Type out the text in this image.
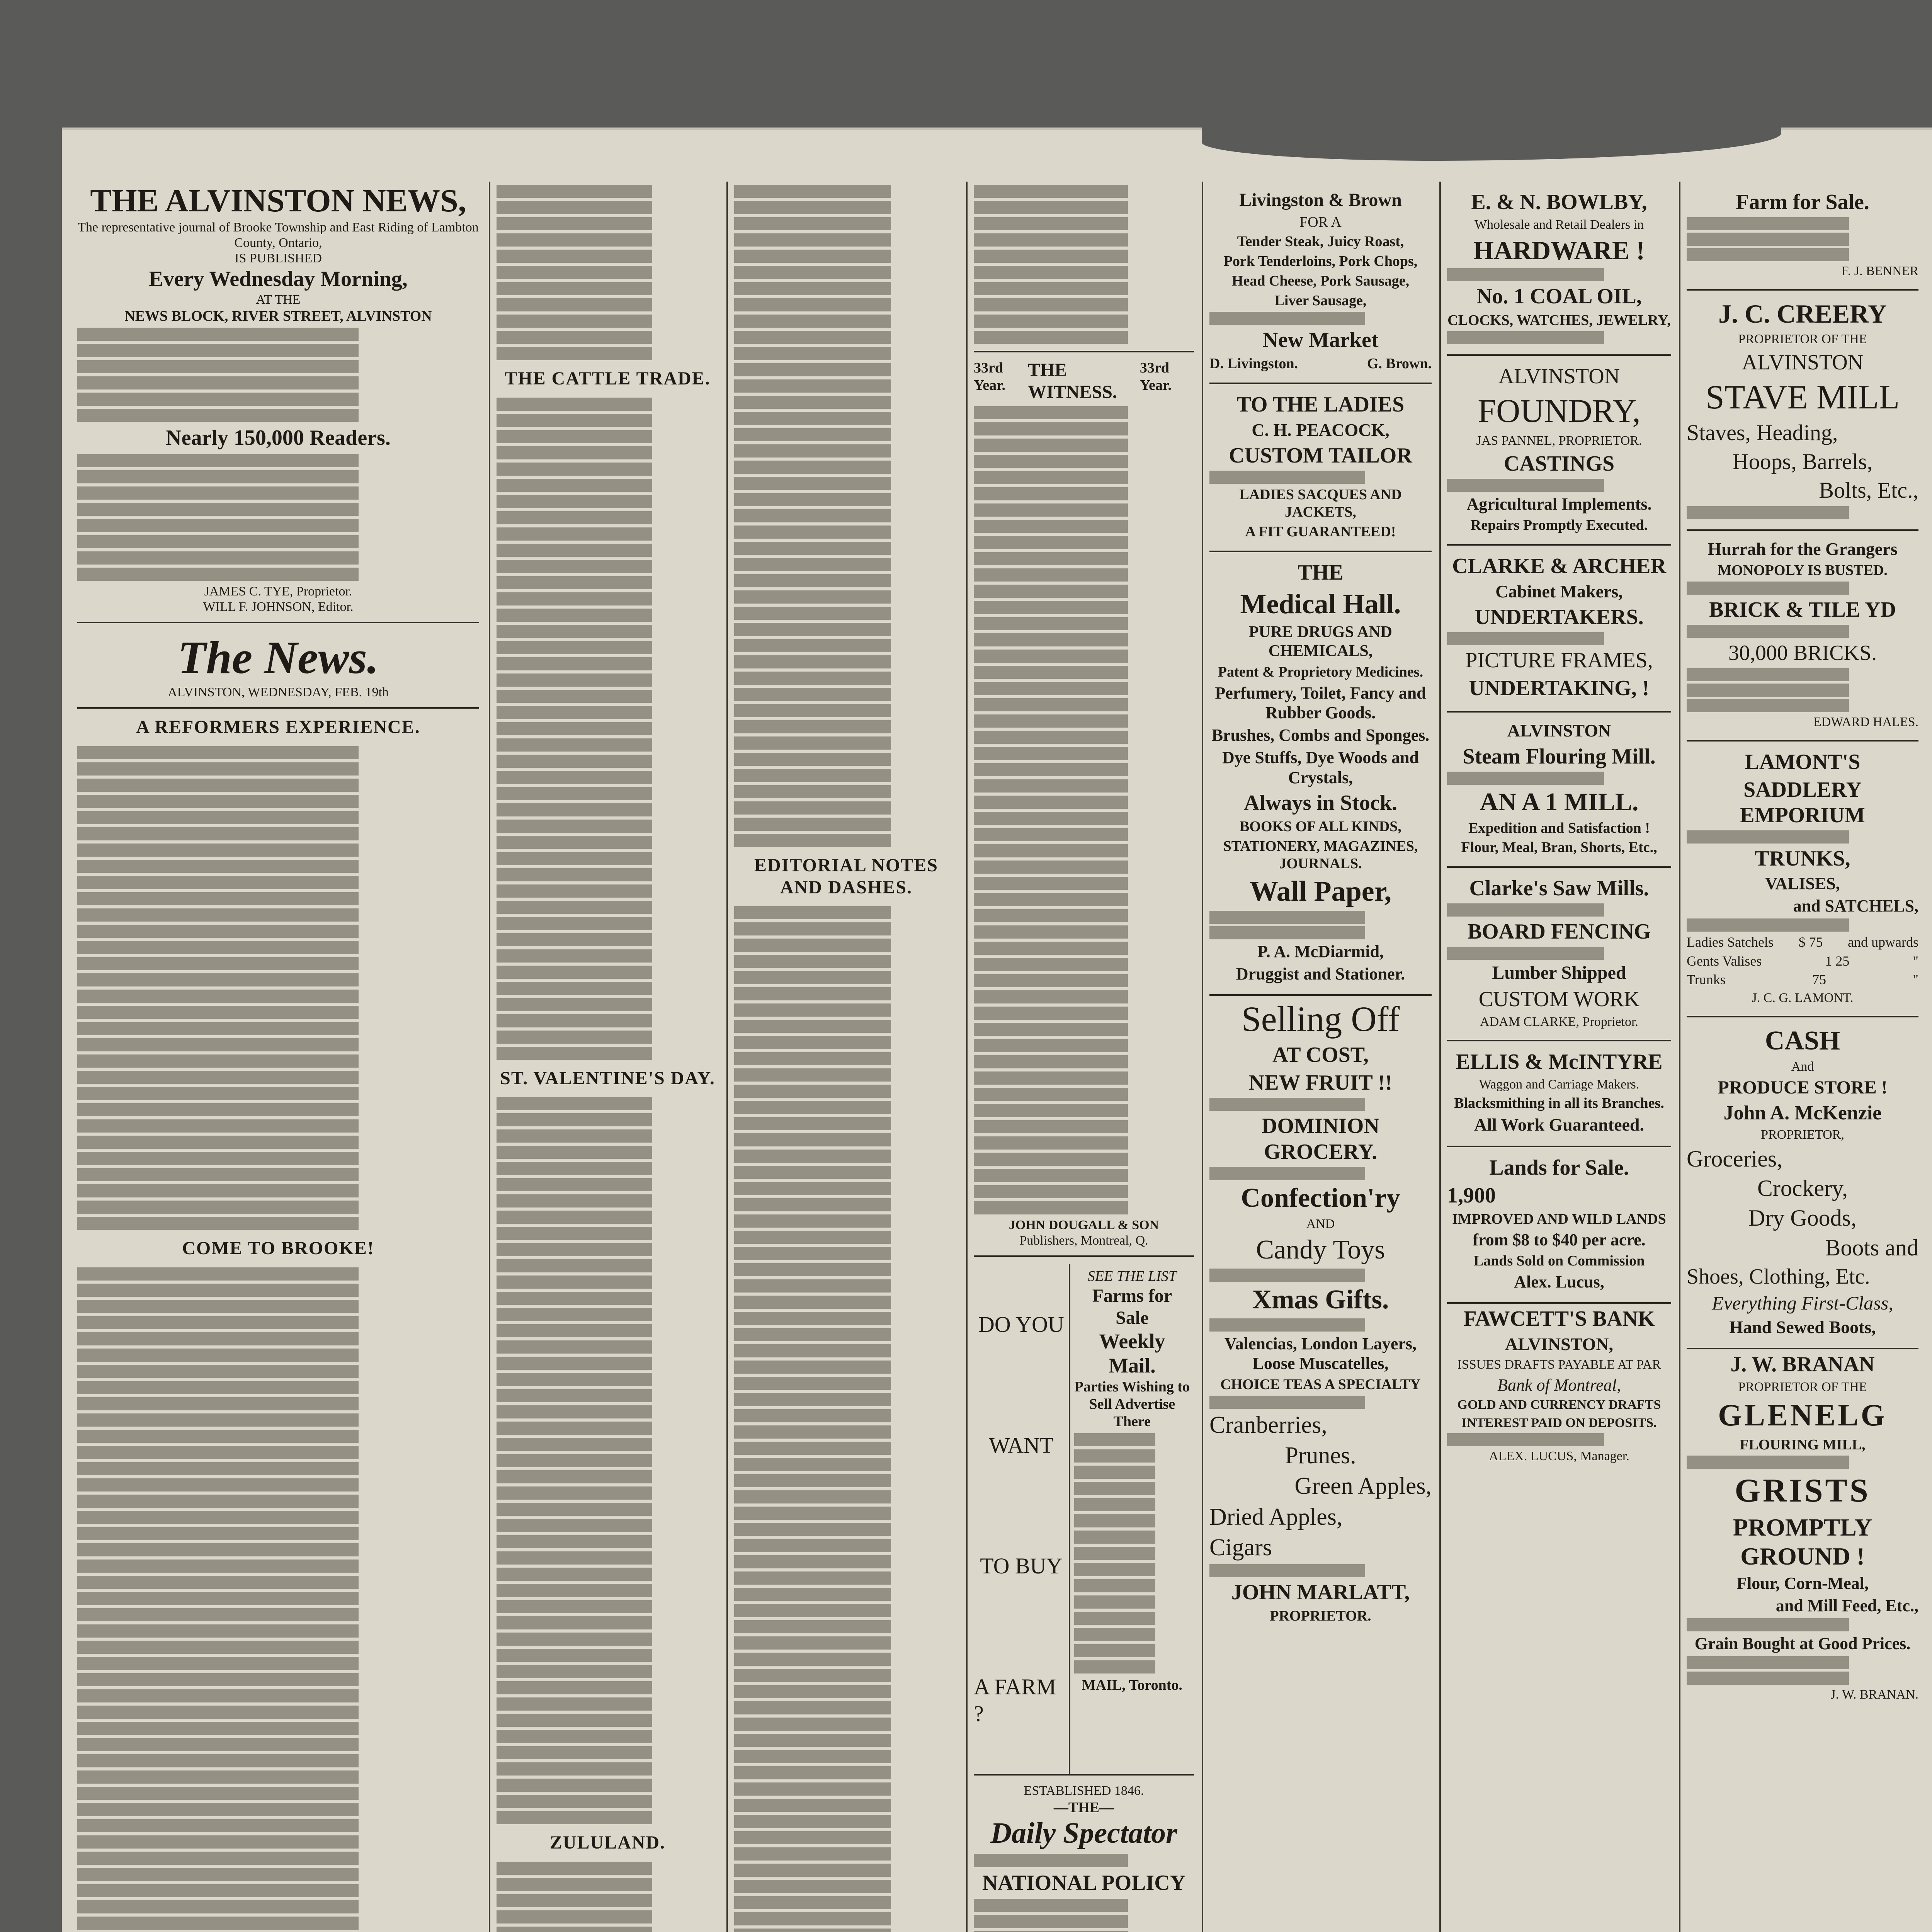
THE ALVINSTON NEWS,
The representative journal of Brooke Township and East Riding of Lambton County, Ontario,
IS PUBLISHED
Every Wednesday Morning,
AT THE
NEWS BLOCK, RIVER STREET, ALVINSTON
Nearly 150,000 Readers.
JAMES C. TYE, Proprietor.
WILL F. JOHNSON, Editor.
The News.
ALVINSTON, WEDNESDAY, FEB. 19th
A REFORMERS EXPERIENCE.
COME TO BROOKE!
THE CATTLE TRADE.
ST. VALENTINE'S DAY.
ZULULAND.
EDITORIAL NOTES AND DASHES.
33rd Year.
THE WITNESS.
33rd Year.
JOHN DOUGALL & SON
Publishers, Montreal, Q.
DO YOU
WANT
TO BUY
A FARM ?
SEE THE LIST
Farms for Sale
Weekly Mail.
Parties Wishing to Sell Advertise There
MAIL, Toronto.
ESTABLISHED 1846.
—THE—
Daily Spectator
NATIONAL POLICY
Livingston & Brown
FOR A
Tender Steak, Juicy Roast,
Pork Tenderloins, Pork Chops,
Head Cheese, Pork Sausage,
Liver Sausage,
New Market
D. Livingston.	G. Brown.
TO THE LADIES
C. H. PEACOCK,
CUSTOM TAILOR
LADIES SACQUES AND JACKETS,
A FIT GUARANTEED!
THE
Medical Hall.
PURE DRUGS AND CHEMICALS,
Patent & Proprietory Medicines.
Perfumery, Toilet, Fancy and Rubber Goods.
Brushes, Combs and Sponges.
Dye Stuffs, Dye Woods and Crystals,
Always in Stock.
BOOKS OF ALL KINDS,
STATIONERY, MAGAZINES, JOURNALS.
Wall Paper,
P. A. McDiarmid,
Druggist and Stationer.
Selling Off
AT COST,
NEW FRUIT !!
DOMINION GROCERY.
Confection'ry
AND
Candy Toys
Xmas Gifts.
Valencias, London Layers, Loose Muscatelles,
CHOICE TEAS A SPECIALTY
Cranberries,
Prunes.
Green Apples,
Dried Apples,
Cigars
JOHN MARLATT,
PROPRIETOR.
E. & N. BOWLBY,
Wholesale and Retail Dealers in
HARDWARE !
No. 1 COAL OIL,
CLOCKS, WATCHES, JEWELRY,
ALVINSTON
FOUNDRY,
JAS PANNEL, PROPRIETOR.
CASTINGS
Agricultural Implements.
Repairs Promptly Executed.
CLARKE & ARCHER
Cabinet Makers,
UNDERTAKERS.
PICTURE FRAMES,
UNDERTAKING, !
ALVINSTON
Steam Flouring Mill.
AN A 1 MILL.
Expedition and Satisfaction !
Flour, Meal, Bran, Shorts, Etc.,
Clarke's Saw Mills.
BOARD FENCING
Lumber Shipped
CUSTOM WORK
ADAM CLARKE, Proprietor.
ELLIS & McINTYRE
Waggon and Carriage Makers.
Blacksmithing in all its Branches.
All Work Guaranteed.
Lands for Sale.
1,900
IMPROVED AND WILD LANDS
from $8 to $40 per acre.
Lands Sold on Commission
Alex. Lucus,
FAWCETT'S BANK
ALVINSTON,
ISSUES DRAFTS PAYABLE AT PAR
Bank of Montreal,
GOLD AND CURRENCY DRAFTS
INTEREST PAID ON DEPOSITS.
ALEX. LUCUS, Manager.
Farm for Sale.
F. J. BENNER
J. C. CREERY
PROPRIETOR OF THE
ALVINSTON
STAVE MILL
Staves, Heading,
Hoops, Barrels,
Bolts, Etc.,
Hurrah for the Grangers
MONOPOLY IS BUSTED.
BRICK & TILE YD
30,000 BRICKS.
EDWARD HALES.
LAMONT'S
SADDLERY EMPORIUM
TRUNKS,
VALISES,
and SATCHELS,
Ladies Satchels $ 75 and upwards
Gents Valises	1 25	"
Trunks	75	"
J. C. G. LAMONT.
CASH
And
PRODUCE STORE !
John A. McKenzie
PROPRIETOR,
Groceries,
Crockery,
Dry Goods,
Boots and
Shoes, Clothing, Etc.
Everything First-Class,
Hand Sewed Boots,
J. W. BRANAN
PROPRIETOR OF THE
GLENELG
FLOURING MILL,
GRISTS
PROMPTLY GROUND !
Flour, Corn-Meal,
and Mill Feed, Etc.,
Grain Bought at Good Prices.
J. W. BRANAN.
